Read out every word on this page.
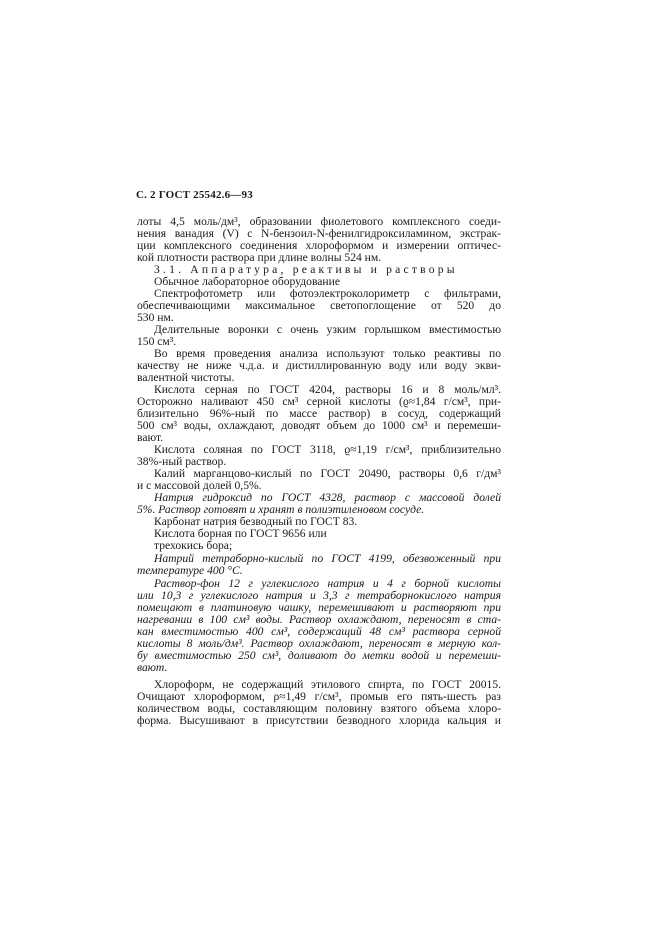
С. 2 ГОСТ 25542.6—93
лоты 4,5 моль/дм³, образовании фиолетового комплексного соеди-
нения ванадия (V) с N-бензоил-N-фенилгидроксиламином, экстрак-
ции комплексного соединения хлороформом и измерении оптичес-
кой плотности раствора при длине волны 524 нм.
3.1. Аппаратура, реактивы и растворы
Обычное лабораторное оборудование
Спектрофотометр или фотоэлектроколориметр с фильтрами,
обеспечивающими максимальное светопоглощение от 520 до
530 нм.
Делительные воронки с очень узким горлышком вместимостью
150 см³.
Во время проведения анализа используют только реактивы по
качеству не ниже ч.д.а. и дистиллированную воду или воду экви-
валентной чистоты.
Кислота серная по ГОСТ 4204, растворы 16 и 8 моль/мл³.
Осторожно наливают 450 см³ серной кислоты (ϱ≈1,84 г/см³, при-
близительно 96%-ный по массе раствор) в сосуд, содержащий
500 см³ воды, охлаждают, доводят объем до 1000 см³ и перемеши-
вают.
Кислота соляная по ГОСТ 3118, ϱ≈1,19 г/см³, приблизительно
38%-ный раствор.
Калий марганцово-кислый по ГОСТ 20490, растворы 0,6 г/дм³
и с массовой долей 0,5%.
Натрия гидроксид по ГОСТ 4328, раствор с массовой долей
5%. Раствор готовят и хранят в полиэтиленовом сосуде.
Карбонат натрия безводный по ГОСТ 83.
Кислота борная по ГОСТ 9656 или
трехокись бора;
Натрий тетраборно-кислый по ГОСТ 4199, обезвоженный при
температуре 400 °С.
Раствор-фон 12 г углекислого натрия и 4 г борной кислоты
или 10,3 г углекислого натрия и 3,3 г тетраборнокислого натрия
помещают в платиновую чашку, перемешивают и растворяют при
нагревании в 100 см³ воды. Раствор охлаждают, переносят в ста-
кан вместимостью 400 см³, содержащий 48 см³ раствора серной
кислоты 8 моль/дм³. Раствор охлаждают, переносят в мерную кол-
бу вместимостью 250 см³, доливают до метки водой и перемеши-
вают.
Хлороформ, не содержащий этилового спирта, по ГОСТ 20015.
Очищают хлороформом, ρ≈1,49 г/см³, промыв его пять-шесть раз
количеством воды, составляющим половину взятого объема хлоро-
форма. Высушивают в присутствии безводного хлорида кальция и
